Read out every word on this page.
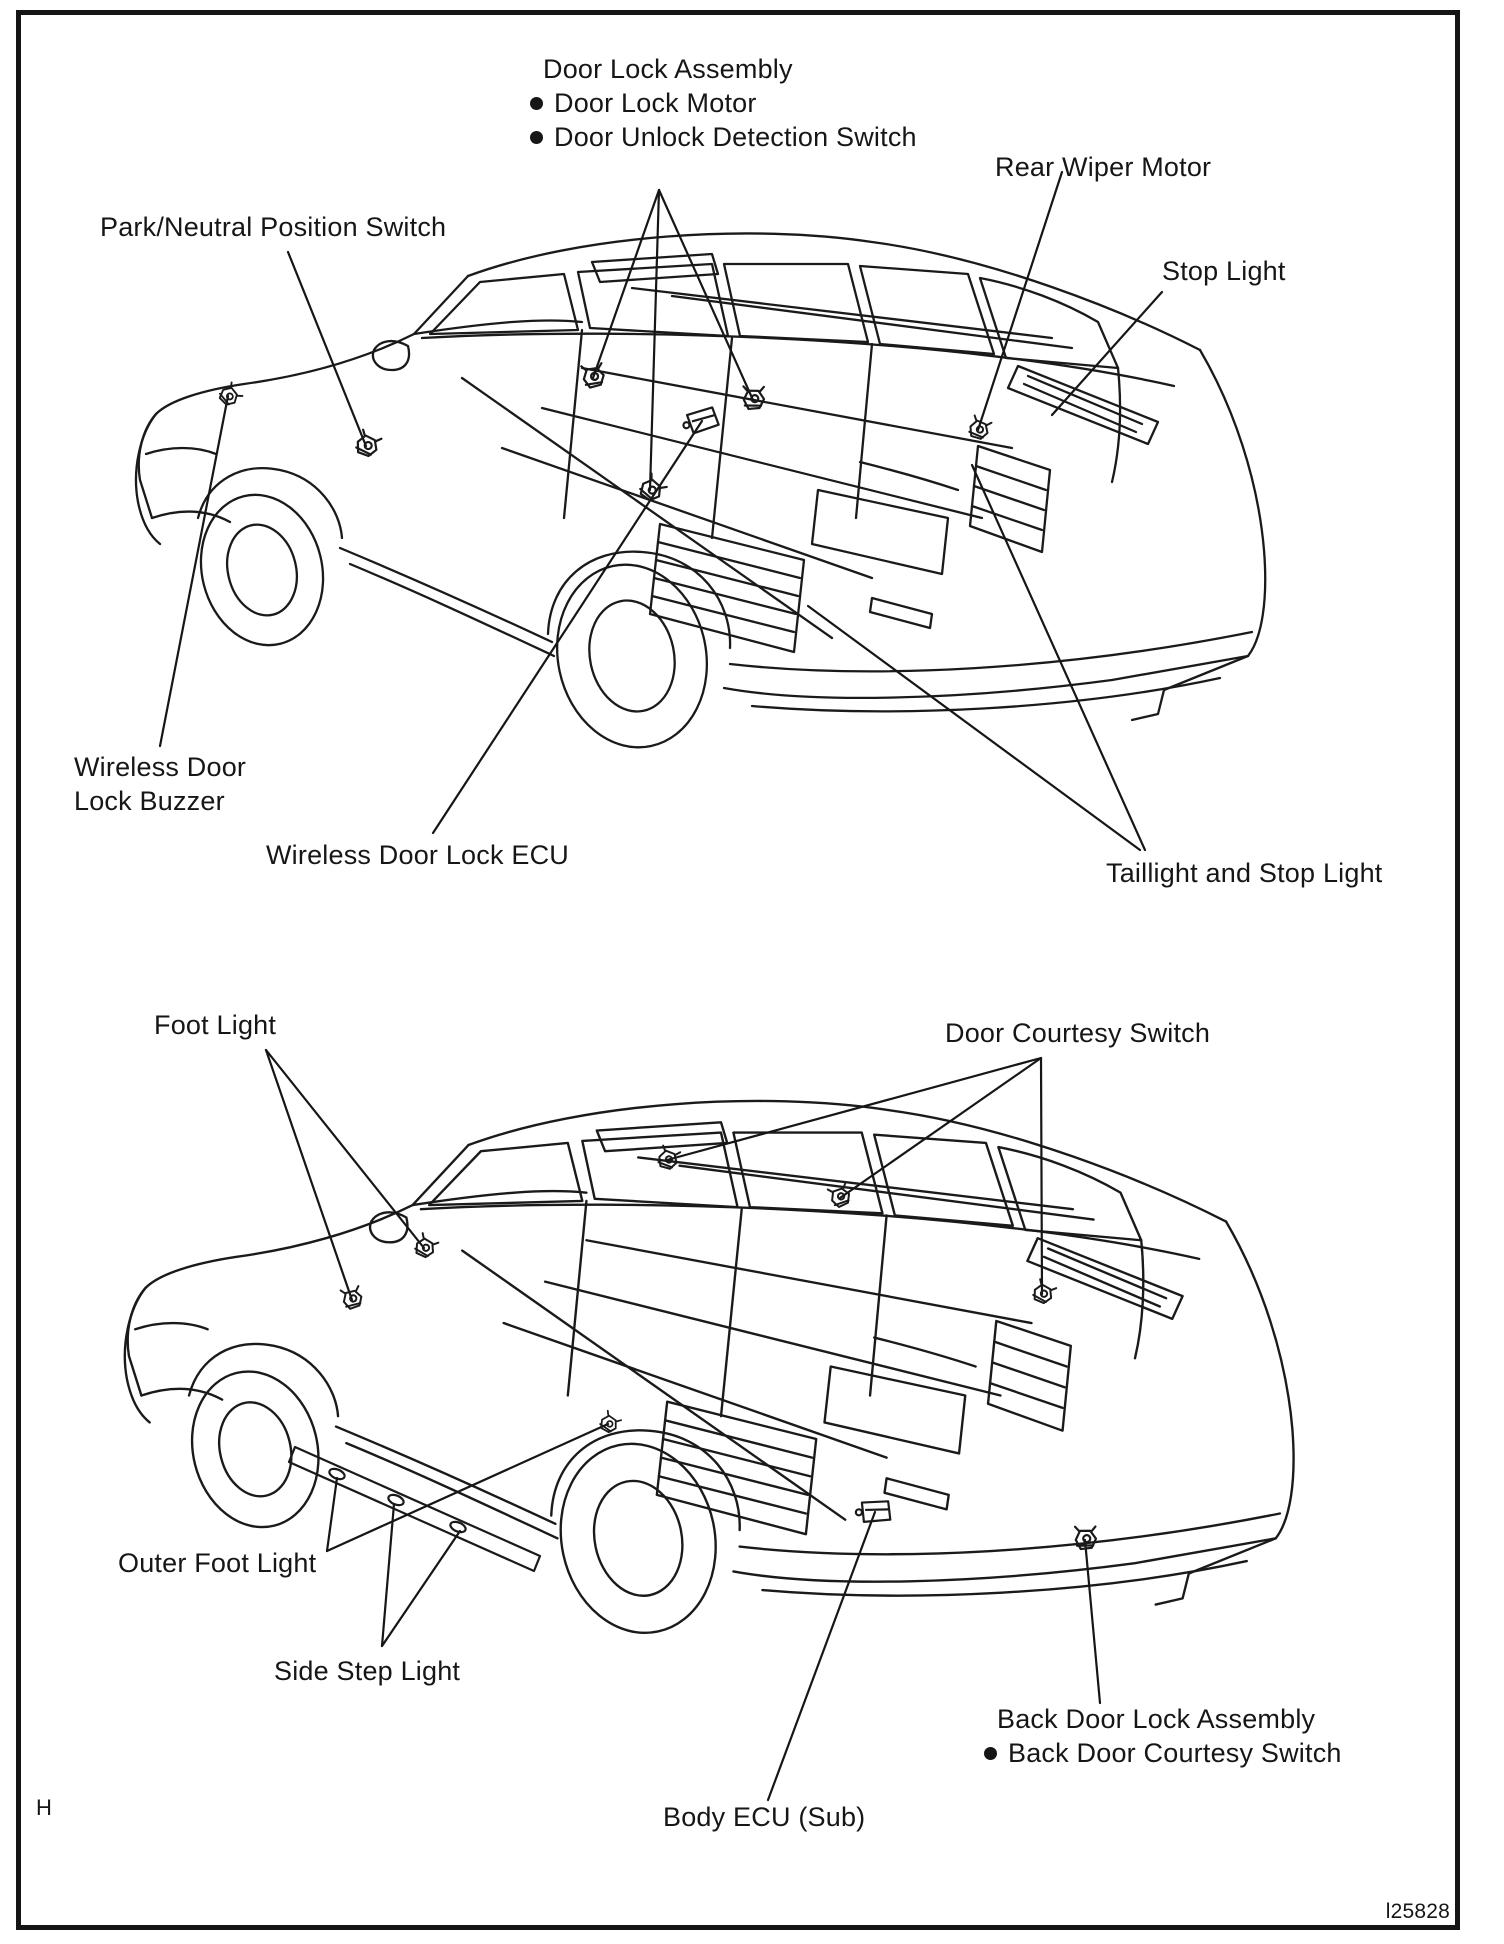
Door Lock Assembly
Door Lock Motor
Door Unlock Detection Switch
Rear Wiper Motor
Stop Light
Park/Neutral Position Switch
Wireless Door
Lock Buzzer
Wireless Door Lock ECU
Taillight and Stop Light
Foot Light	Door Courtesy Switch
Outer Foot Light
Side Step Light
Back Door Lock Assembly
Back Door Courtesy Switch
Body ECU (Sub)
H
l25828
